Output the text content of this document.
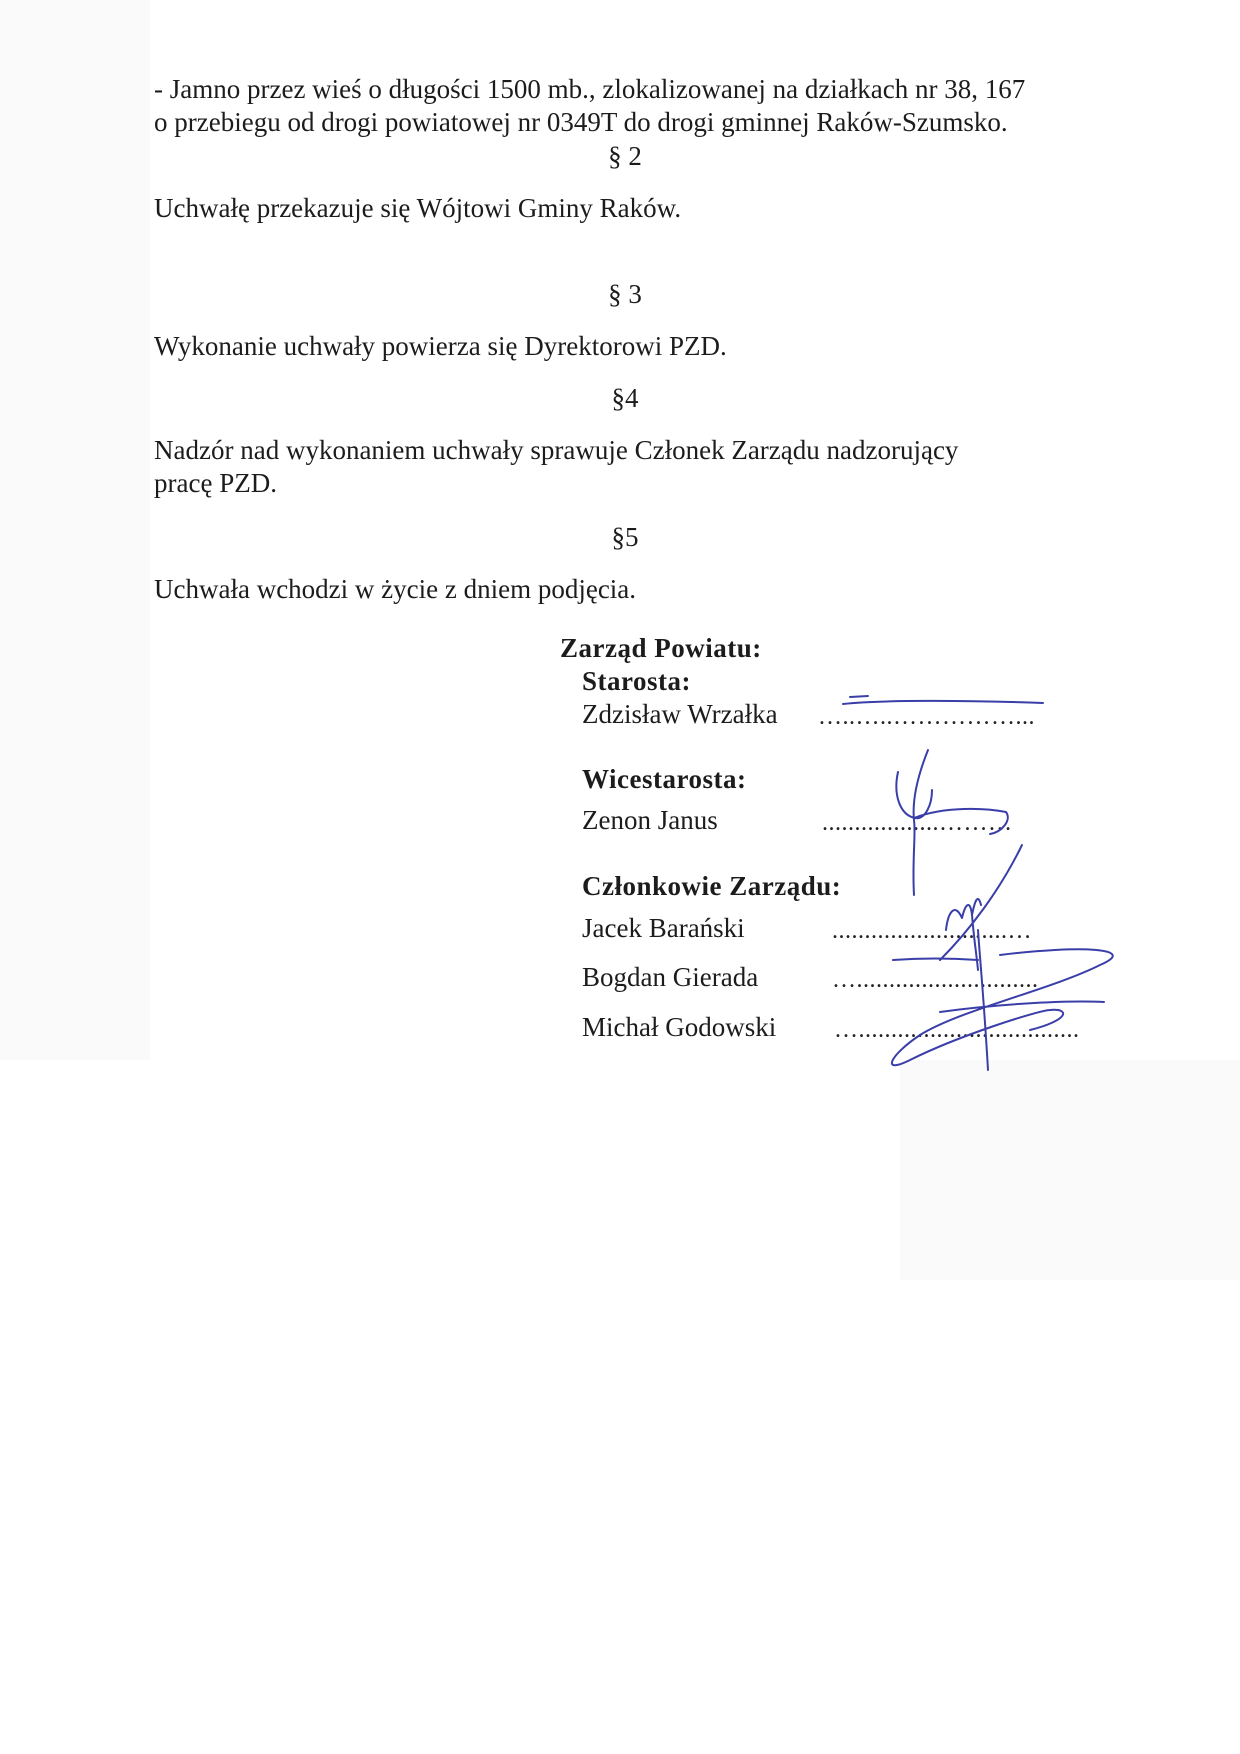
- Jamno przez wieś o długości 1500 mb., zlokalizowanej na działkach nr 38, 167
o przebiegu od drogi powiatowej nr 0349T do drogi gminnej Raków-Szumsko.
§ 2
Uchwałę przekazuje się Wójtowi Gminy Raków.
§ 3
Wykonanie uchwały powierza się Dyrektorowi PZD.
§4
Nadzór nad wykonaniem uchwały sprawuje Członek Zarządu nadzorujący
pracę PZD.
§5
Uchwała wchodzi w życie z dniem podjęcia.
Zarząd Powiatu:
Starosta:
Zdzisław Wrzałka …..…..……………...
Wicestarosta:
Zenon Janus	..................………
Członkowie Zarządu:
Jacek Barański	...........................…
Bogdan Gierada	…............................
Michał Godowski …..................................
